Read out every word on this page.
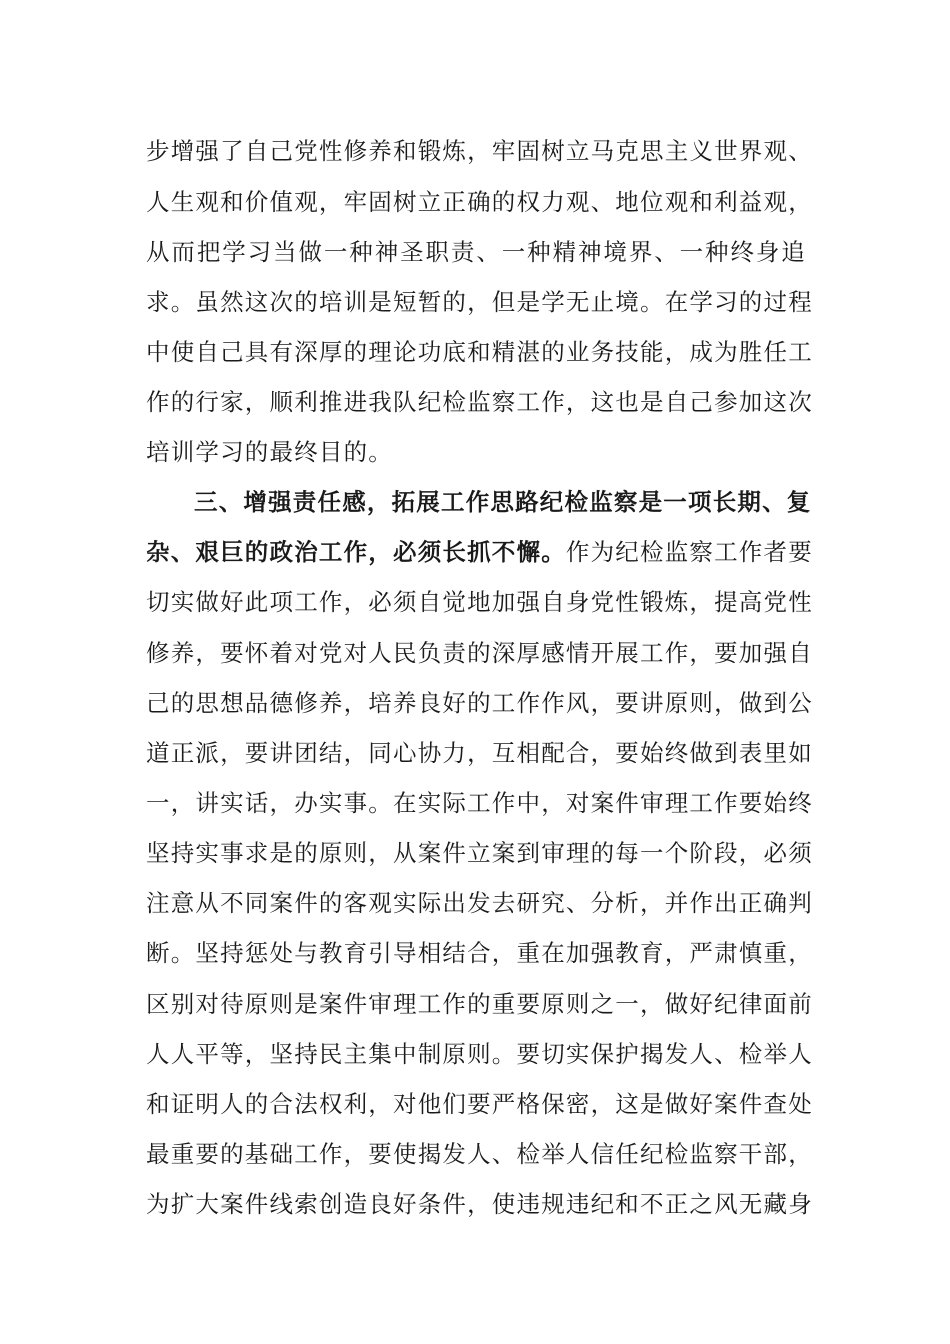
步增强了自己党性修养和锻炼，牢固树立马克思主义世界观、
人生观和价值观，牢固树立正确的权力观、地位观和利益观，
从而把学习当做一种神圣职责、一种精神境界、一种终身追
求。虽然这次的培训是短暂的，但是学无止境。在学习的过程
中使自己具有深厚的理论功底和精湛的业务技能，成为胜任工
作的行家，顺利推进我队纪检监察工作，这也是自己参加这次
培训学习的最终目的。
三、增强责任感，拓展工作思路纪检监察是一项长期、复
杂、艰巨的政治工作，必须长抓不懈。作为纪检监察工作者要
切实做好此项工作，必须自觉地加强自身党性锻炼，提高党性
修养，要怀着对党对人民负责的深厚感情开展工作，要加强自
己的思想品德修养，培养良好的工作作风，要讲原则，做到公
道正派，要讲团结，同心协力，互相配合，要始终做到表里如
一，讲实话，办实事。在实际工作中，对案件审理工作要始终
坚持实事求是的原则，从案件立案到审理的每一个阶段，必须
注意从不同案件的客观实际出发去研究、分析，并作出正确判
断。坚持惩处与教育引导相结合，重在加强教育，严肃慎重，
区别对待原则是案件审理工作的重要原则之一，做好纪律面前
人人平等，坚持民主集中制原则。要切实保护揭发人、检举人
和证明人的合法权利，对他们要严格保密，这是做好案件查处
最重要的基础工作，要使揭发人、检举人信任纪检监察干部，
为扩大案件线索创造良好条件，使违规违纪和不正之风无藏身
